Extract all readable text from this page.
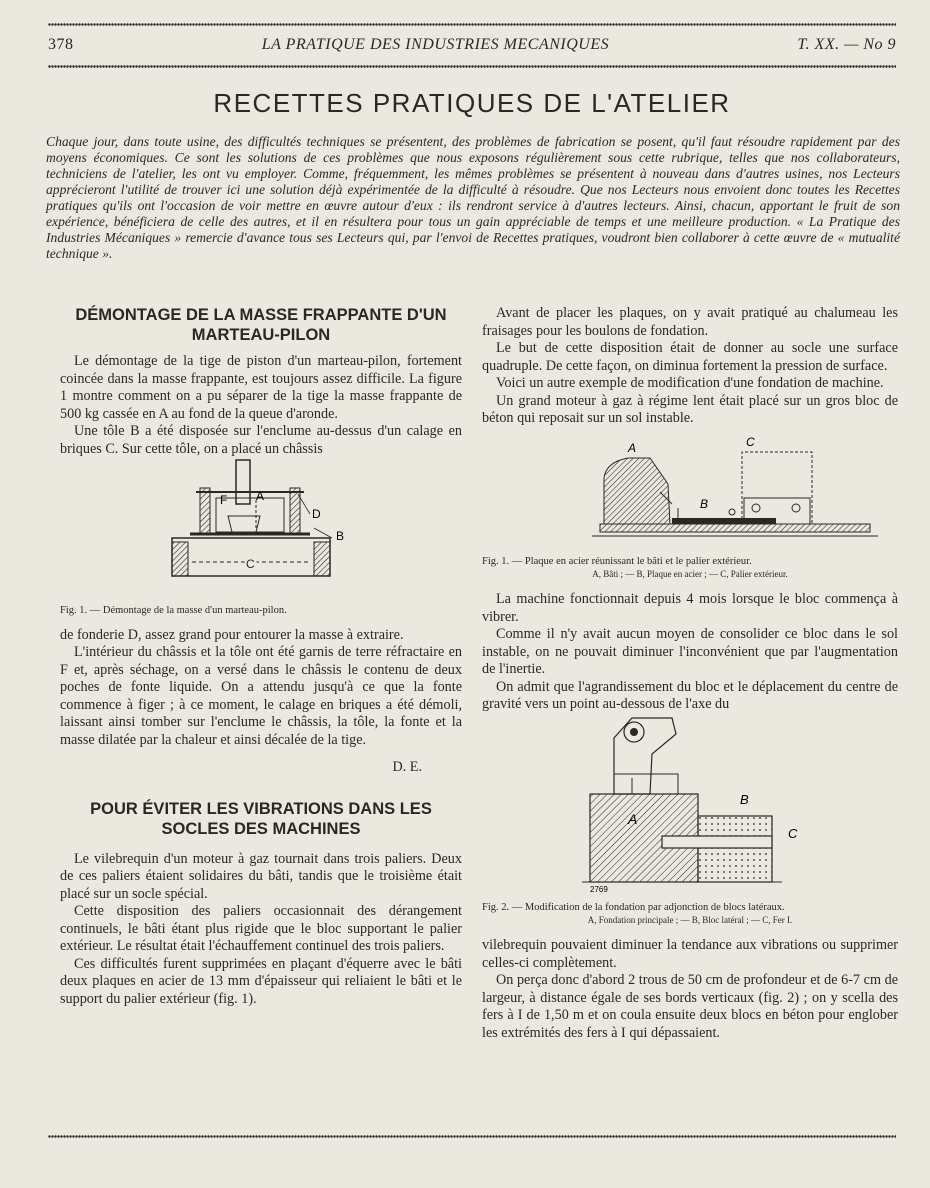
378	LA PRATIQUE DES INDUSTRIES MECANIQUES	T. XX. — No 9
RECETTES PRATIQUES DE L'ATELIER
Chaque jour, dans toute usine, des difficultés techniques se présentent, des problèmes de fabrication se posent, qu'il faut résoudre rapidement par des moyens économiques. Ce sont les solutions de ces problèmes que nous exposons régulièrement sous cette rubrique, telles que nos collaborateurs, techniciens de l'atelier, les ont vu employer. Comme, fréquemment, les mêmes problèmes se présentent à nouveau dans d'autres usines, nos Lecteurs apprécieront l'utilité de trouver ici une solution déjà expérimentée de la difficulté à résoudre. Que nos Lecteurs nous envoient donc toutes les Recettes pratiques qu'ils ont l'occasion de voir mettre en œuvre autour d'eux : ils rendront service à d'autres lecteurs. Ainsi, chacun, apportant le fruit de son expérience, bénéficiera de celle des autres, et il en résultera pour tous un gain appréciable de temps et une meilleure production. « La Pratique des Industries Mécaniques » remercie d'avance tous ses Lecteurs qui, par l'envoi de Recettes pratiques, voudront bien collaborer à cette œuvre de « mutualité technique ».
DÉMONTAGE DE LA MASSE FRAPPANTE D'UN MARTEAU-PILON

Le démontage de la tige de piston d'un marteau-pilon, fortement coincée dans la masse frappante, est toujours assez difficile. La figure 1 montre comment on a pu séparer de la tige la masse frappante de 500 kg cassée en A au fond de la queue d'aronde.

Une tôle B a été disposée sur l'enclume au-dessus d'un calage en briques C. Sur cette tôle, on a placé un châssis

F A
D
B
C
Fig. 1. — Démontage de la masse d'un marteau-pilon.

de fonderie D, assez grand pour entourer la masse à extraire.

L'intérieur du châssis et la tôle ont été garnis de terre réfractaire en F et, après séchage, on a versé dans le châssis le contenu de deux poches de fonte liquide. On a attendu jusqu'à ce que la fonte commence à figer ; à ce moment, le calage en briques a été démoli, laissant ainsi tomber sur l'enclume le châssis, la tôle, la fonte et la masse dilatée par la chaleur et ainsi décalée de la tige.

D. E.

POUR ÉVITER LES VIBRATIONS DANS LES SOCLES DES MACHINES

Le vilebrequin d'un moteur à gaz tournait dans trois paliers. Deux de ces paliers étaient solidaires du bâti, tandis que le troisième était placé sur un socle spécial.

Cette disposition des paliers occasionnait des dérangement continuels, le bâti étant plus rigide que le bloc supportant le palier extérieur. Le résultat était l'échauffement continuel des trois paliers.

Ces difficultés furent supprimées en plaçant d'équerre avec le bâti deux plaques en acier de 13 mm d'épaisseur qui reliaient le bâti et le support du palier extérieur (fig. 1).

Avant de placer les plaques, on y avait pratiqué au chalumeau les fraisages pour les boulons de fondation.

Le but de cette disposition était de donner au socle une surface quadruple. De cette façon, on diminua fortement la pression de surface.

Voici un autre exemple de modification d'une fondation de machine.

Un grand moteur à gaz à régime lent était placé sur un gros bloc de béton qui reposait sur un sol instable.

A
B
C
Fig. 1. — Plaque en acier réunissant le bâti et le palier extérieur.
A, Bâti ; — B, Plaque en acier ; — C, Palier extérieur.

La machine fonctionnait depuis 4 mois lorsque le bloc commença à vibrer.

Comme il n'y avait aucun moyen de consolider ce bloc dans le sol instable, on ne pouvait diminuer l'inconvénient que par l'augmentation de l'inertie.

On admit que l'agrandissement du bloc et le déplacement du centre de gravité vers un point au-dessous de l'axe du

A
B
C
2769
Fig. 2. — Modification de la fondation par adjonction de blocs latéraux.
A, Fondation principale ; — B, Bloc latéral ; — C, Fer I.

vilebrequin pouvaient diminuer la tendance aux vibrations ou supprimer celles-ci complètement.

On perça donc d'abord 2 trous de 50 cm de profondeur et de 6-7 cm de largeur, à distance égale de ses bords verticaux (fig. 2) ; on y scella des fers à I de 1,50 m et on coula ensuite deux blocs en béton pour englober les extrémités des fers à I qui dépassaient.
